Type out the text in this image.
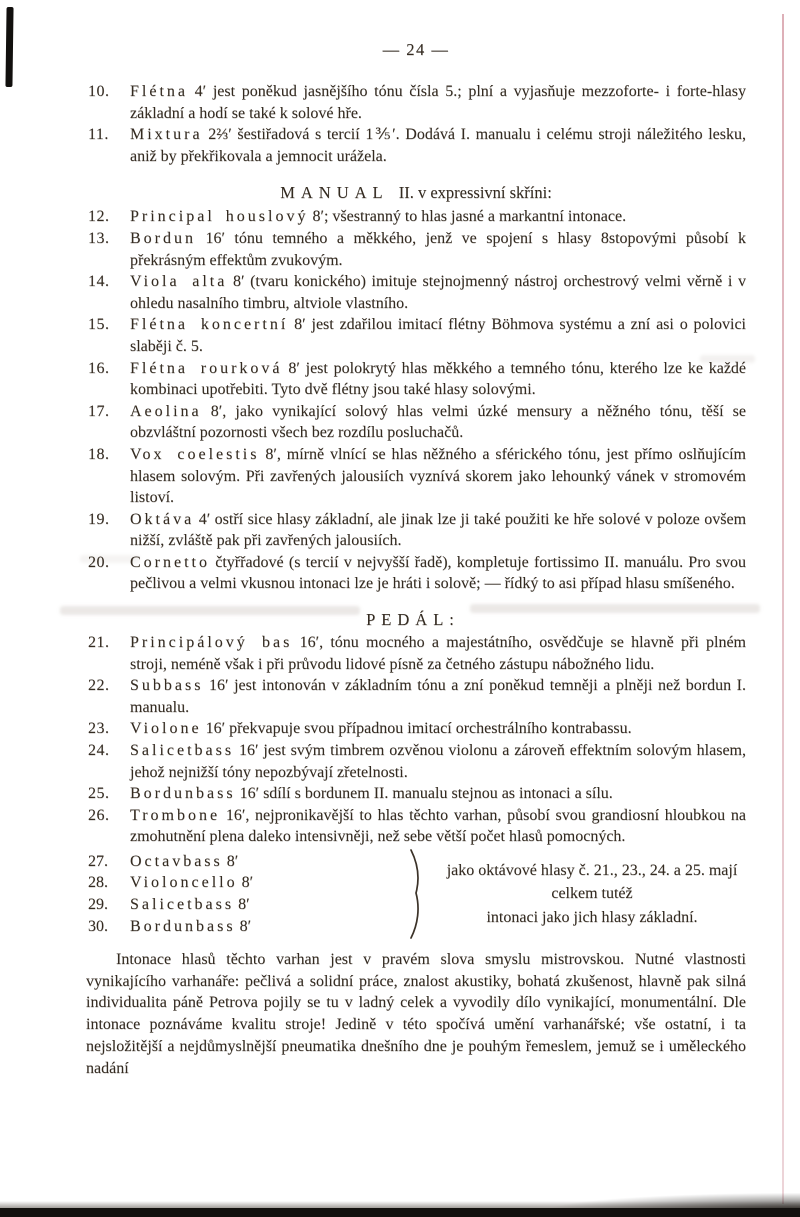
— 24 —
10. Flétna 4′ jest poněkud jasnějšího tónu čísla 5.; plní a vyjasňuje mezzoforte- i forte-hlasy základní a hodí se také k solové hře.
11. Mixtura 2⅔′ šestiřadová s tercií 1⅗′. Dodává I. manualu i celému stroji náležitého lesku, aniž by překřikovala a jemnocit urážela.
MANUAL II. v expressivní skříni:
12. Principal houslový 8′; všestranný to hlas jasné a markantní intonace.
13. Bordun 16′ tónu temného a měkkého, jenž ve spojení s hlasy 8stopovými působí k překrásným effektům zvukovým.
14. Viola alta 8′ (tvaru konického) imituje stejnojmenný nástroj orchestrový velmi věrně i v ohledu nasalního timbru, altviole vlastního.
15. Flétna koncertní 8′ jest zdařilou imitací flétny Böhmova systému a zní asi o polovici slaběji č. 5.
16. Flétna rourková 8′ jest polokrytý hlas měkkého a temného tónu, kterého lze ke každé kombinaci upotřebiti. Tyto dvě flétny jsou také hlasy solovými.
17. Aeolina 8′, jako vynikající solový hlas velmi úzké mensury a něžného tónu, těší se obzvláštní pozornosti všech bez rozdílu posluchačů.
18. Vox coelestis 8′, mírně vlnící se hlas něžného a sférického tónu, jest přímo oslňujícím hlasem solovým. Při zavřených jalousiích vyznívá skorem jako lehounký vánek v stromovém listoví.
19. Oktáva 4′ ostří sice hlasy základní, ale jinak lze ji také použiti ke hře solové v poloze ovšem nižší, zvláště pak při zavřených jalousiích.
20. Cornetto čtyřřadové (s tercií v nejvyšší řadě), kompletuje fortissimo II. manuálu. Pro svou pečlivou a velmi vkusnou intonaci lze je hráti i solově; — řídký to asi případ hlasu smíšeného.
PEDÁL:
21. Principálový bas 16′, tónu mocného a majestátního, osvědčuje se hlavně při plném stroji, neméně však i při průvodu lidové písně za četného zástupu nábožného lidu.
22. Subbass 16′ jest intonován v základním tónu a zní poněkud temněji a plněji než bordun I. manualu.
23. Violone 16′ překvapuje svou případnou imitací orchestrálního kontrabassu.
24. Salicetbass 16′ jest svým timbrem ozvěnou violonu a zároveň effektním solovým hlasem, jehož nejnižší tóny nepozbývají zřetelnosti.
25. Bordunbass 16′ sdílí s bordunem II. manualu stejnou as intonaci a sílu.
26. Trombone 16′, nejpronikavější to hlas těchto varhan, působí svou grandiosní hloubkou na zmohutnění plena daleko intensivněji, než sebe větší počet hlasů pomocných.
27. Octavbass 8′
28. Violoncello 8′
29. Salicetbass 8′
30. Bordunbass 8′
jako oktávové hlasy č. 21., 23., 24. a 25. mají celkem tutéž
intonaci jako jich hlasy základní.

Intonace hlasů těchto varhan jest v pravém slova smyslu mistrovskou. Nutné vlastnosti vynikajícího varhanáře: pečlivá a solidní práce, znalost akustiky, bohatá zkušenost, hlavně pak silná individualita páně Petrova pojily se tu v ladný celek a vyvodily dílo vynikající, monumentální. Dle intonace poznáváme kvalitu stroje! Jedině v této spočívá umění varhanářské; vše ostatní, i ta nejsložitější a nejdůmyslnější pneumatika dnešního dne je pouhým řemeslem, jemuž se i uměleckého nadání
